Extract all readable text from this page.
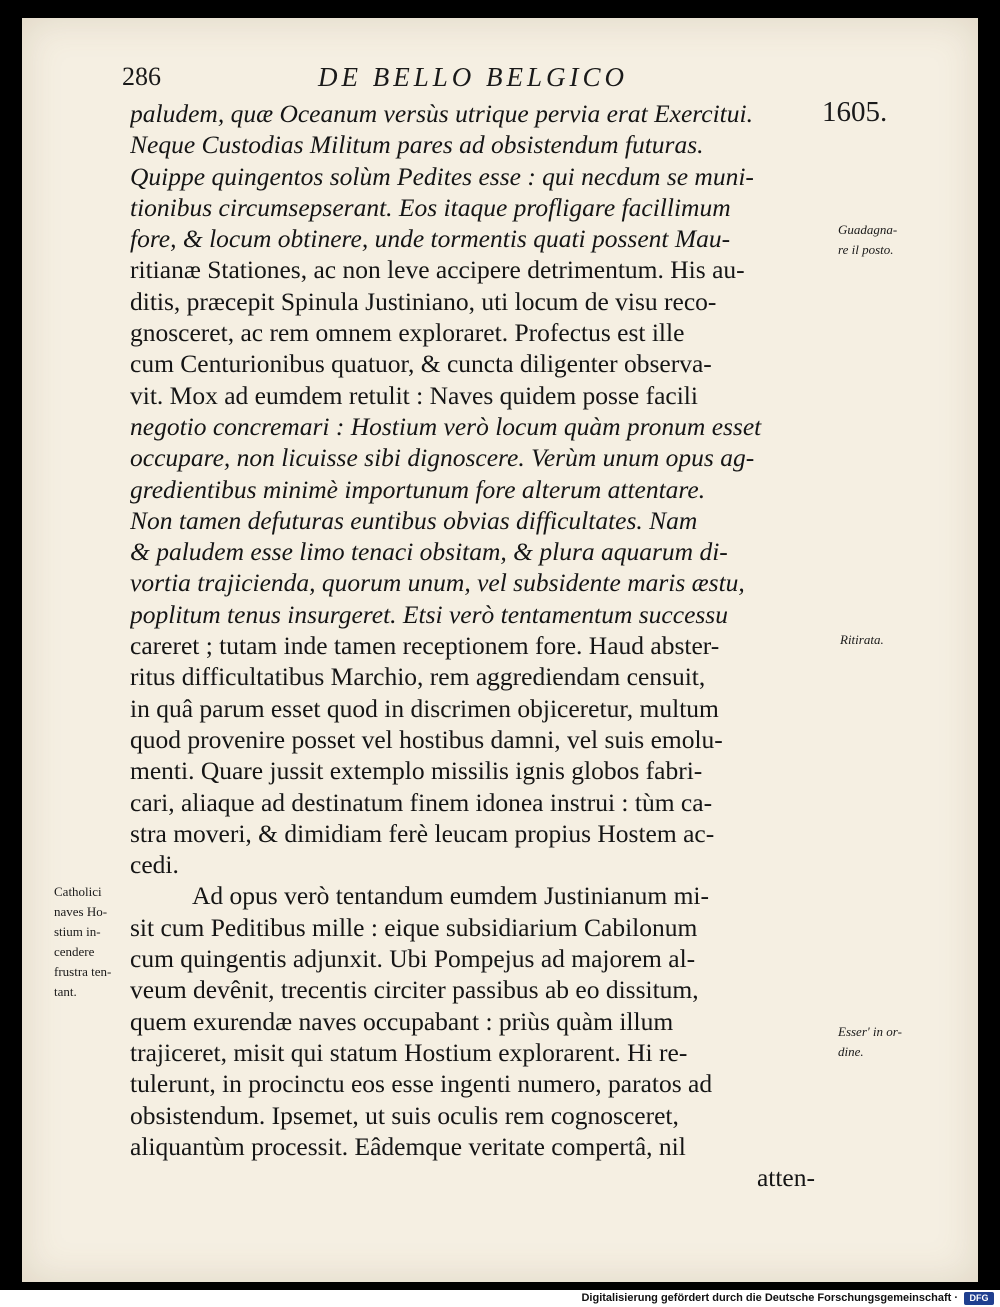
286	DE BELLO BELGICO
1605.
paludem, quæ Oceanum versùs utrique pervia erat Exercitui.
Neque Custodias Militum pares ad obsistendum futuras.
Quippe quingentos solùm Pedites esse : qui necdum se muni-
tionibus circumsepserant. Eos itaque profligare facillimum
fore, & locum obtinere, unde tormentis quati possent Mau-
ritianæ Stationes, ac non leve accipere detrimentum. His au-
ditis, præcepit Spinula Justiniano, uti locum de visu reco-
gnosceret, ac rem omnem exploraret. Profectus est ille
cum Centurionibus quatuor, & cuncta diligenter observa-
vit. Mox ad eumdem retulit : Naves quidem posse facili
negotio concremari : Hostium verò locum quàm pronum esset
occupare, non licuisse sibi dignoscere. Verùm unum opus ag-
gredientibus minimè importunum fore alterum attentare.
Non tamen defuturas euntibus obvias difficultates. Nam
& paludem esse limo tenaci obsitam, & plura aquarum di-
vortia trajicienda, quorum unum, vel subsidente maris æstu,
poplitum tenus insurgeret. Etsi verò tentamentum successu
careret ; tutam inde tamen receptionem fore. Haud abster-
ritus difficultatibus Marchio, rem aggrediendam censuit,
in quâ parum esset quod in discrimen objiceretur, multum
quod provenire posset vel hostibus damni, vel suis emolu-
menti. Quare jussit extemplo missilis ignis globos fabri-
cari, aliaque ad destinatum finem idonea instrui : tùm ca-
stra moveri, & dimidiam ferè leucam propius Hostem ac-
cedi.
Ad opus verò tentandum eumdem Justinianum mi-
sit cum Peditibus mille : eique subsidiarium Cabilonum
cum quingentis adjunxit. Ubi Pompejus ad majorem al-
veum devênit, trecentis circiter passibus ab eo dissitum,
quem exurendæ naves occupabant : priùs quàm illum
trajiceret, misit qui statum Hostium explorarent. Hi re-
tulerunt, in procinctu eos esse ingenti numero, paratos ad
obsistendum. Ipsemet, ut suis oculis rem cognosceret,
aliquantùm processit. Eâdemque veritate compertâ, nil
atten-
Guadagna-
re il posto.
Ritirata.
Catholici
naves Ho-
stium in-
cendere
frustra ten-
tant.
Esser' in or-
dine.
Digitalisierung gefördert durch die Deutsche Forschungsgemeinschaft ·	DFG
